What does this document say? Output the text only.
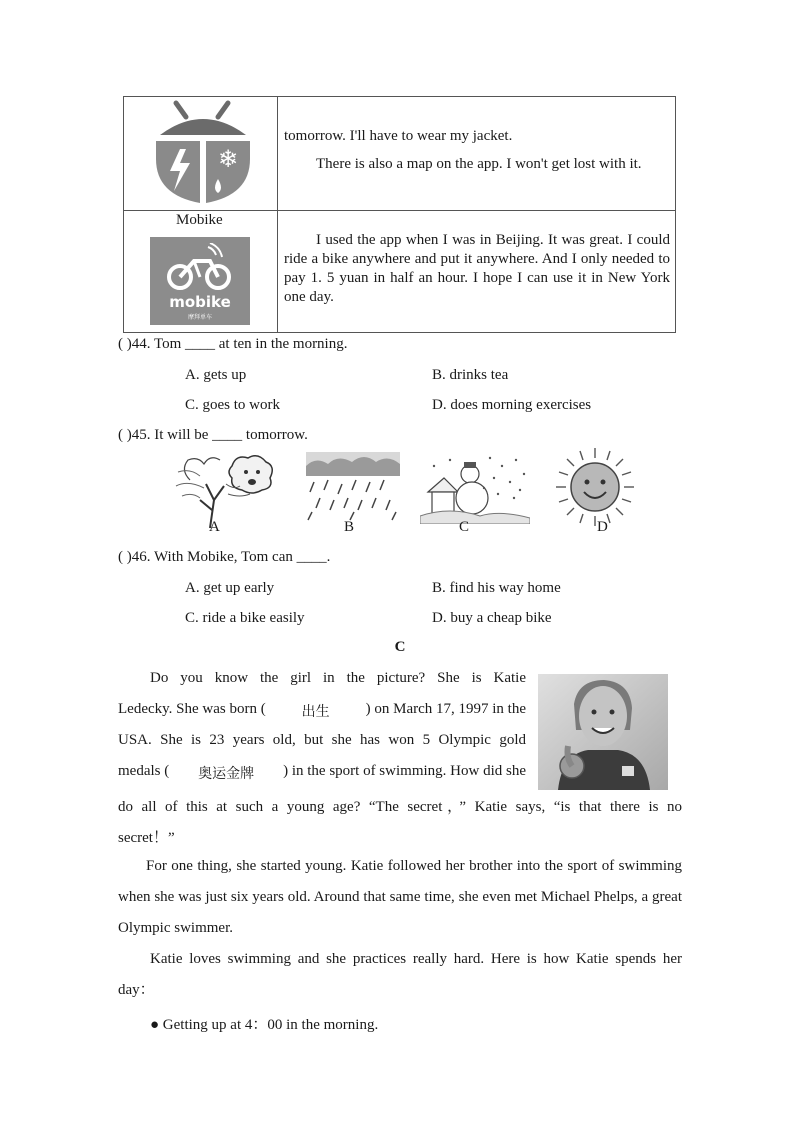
❄
tomorrow. I'll have to wear my jacket.
There is also a map on the app. I won't get lost with it.
Mobike
mobike
摩拜单车
I used the app when I was in Beijing. It was great. I could ride a bike anywhere and put it anywhere. And I only needed to pay 1. 5 yuan in half an hour. I hope I can use it in New York one day.
( )44. Tom ____ at ten in the morning.
A. gets up	B. drinks tea
C. goes to work	D. does morning exercises
( )45. It will be ____ tomorrow.
A	B	C	D
( )46. With Mobike, Tom can ____.
A. get up early	B. find his way home
C. ride a bike easily	D. buy a cheap bike
C
Do you know the girl in the picture? She is Katie
Ledecky. She was born (	出生 ) on March 17, 1997 in the
USA. She is 23 years old, but she has won 5 Olympic gold
medals ( 奥运金牌 ) in the sport of swimming. How did she
do all of this at such a young age? “The secret，” Katie says, “is that there is no
secret！”
For one thing, she started young. Katie followed her brother into the sport of swimming when she was just six years old. Around that same time, she even met Michael Phelps, a great Olympic swimmer.
Katie loves swimming and she practices really hard. Here is how Katie spends her day：
● Getting up at 4：00 in the morning.
